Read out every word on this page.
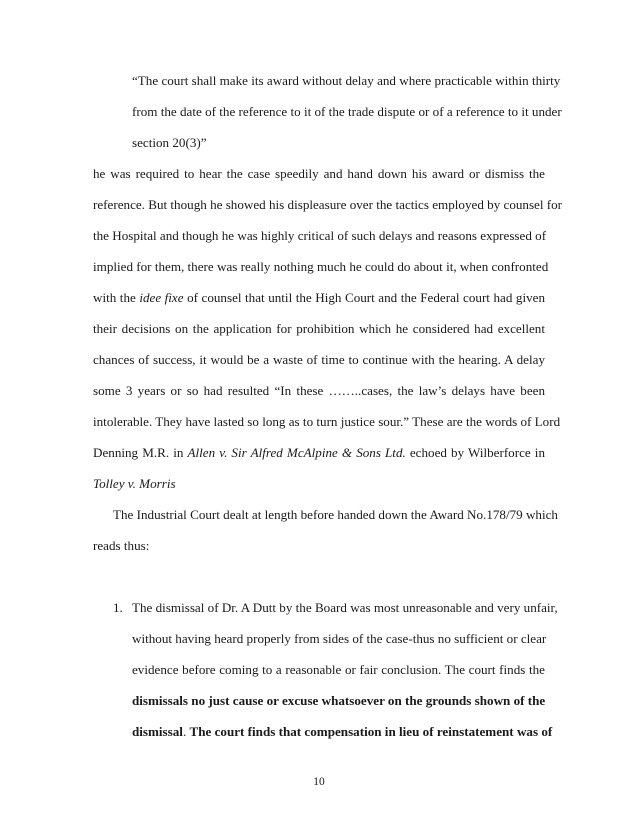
“The court shall make its award without delay and where practicable within thirty
from the date of the reference to it of the trade dispute or of a reference to it under
section 20(3)”
he was required to hear the case speedily and hand down his award or dismiss the
reference. But though he showed his displeasure over the tactics employed by counsel for
the Hospital and though he was highly critical of such delays and reasons expressed of
implied for them, there was really nothing much he could do about it, when confronted
with the idee fixe of counsel that until the High Court and the Federal court had given
their decisions on the application for prohibition which he considered had excellent
chances of success, it would be a waste of time to continue with the hearing. A delay
some 3 years or so had resulted “In these ……..cases, the law’s delays have been
intolerable. They have lasted so long as to turn justice sour.” These are the words of Lord
Denning M.R. in Allen v. Sir Alfred McAlpine & Sons Ltd. echoed by Wilberforce in
Tolley v. Morris
The Industrial Court dealt at length before handed down the Award No.178/79 which
reads thus:
1. The dismissal of Dr. A Dutt by the Board was most unreasonable and very unfair,
without having heard properly from sides of the case-thus no sufficient or clear
evidence before coming to a reasonable or fair conclusion. The court finds the
dismissals no just cause or excuse whatsoever on the grounds shown of the
dismissal. The court finds that compensation in lieu of reinstatement was of
10
